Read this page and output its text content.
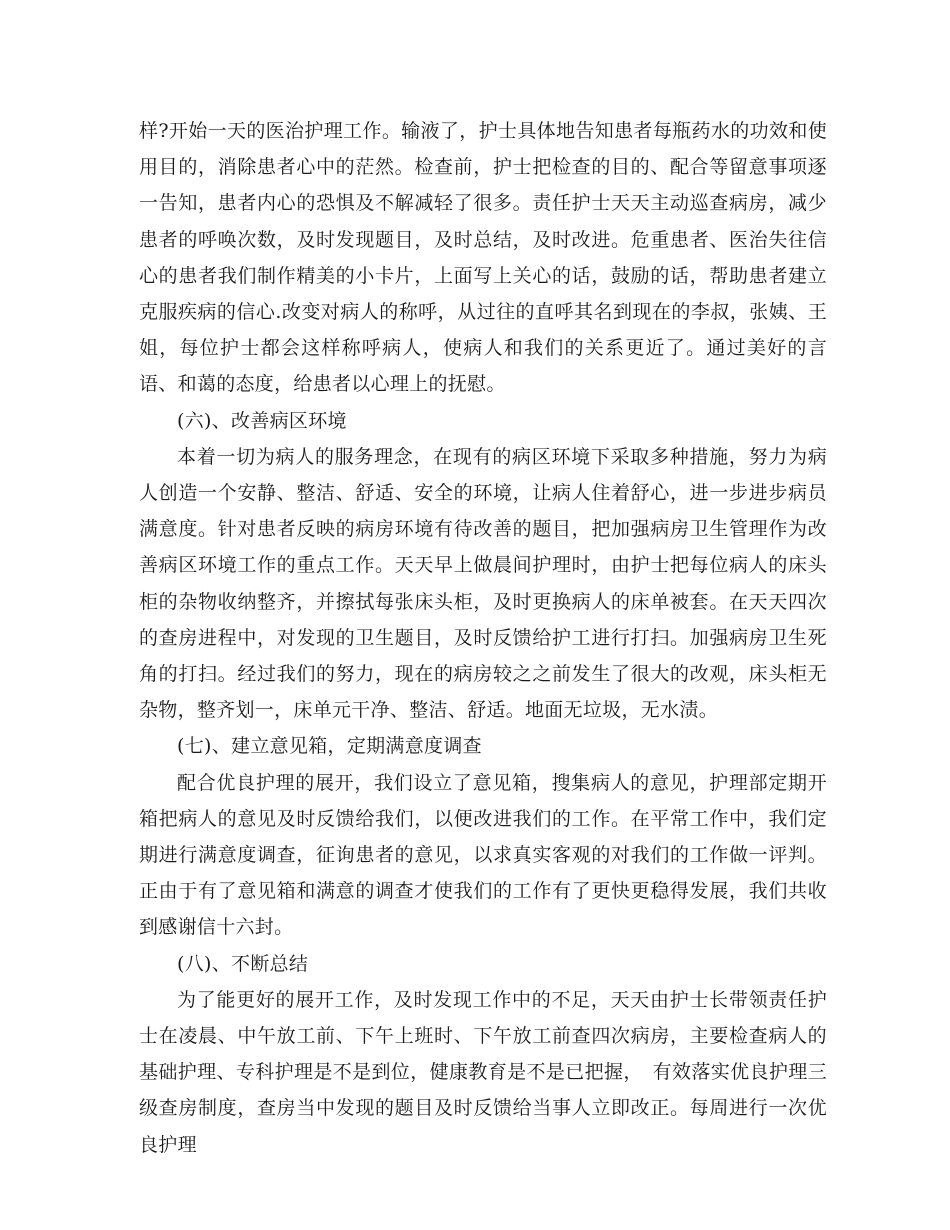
样?开始一天的医治护理工作。输液了，护士具体地告知患者每瓶药水的功效和使用目的，消除患者心中的茫然。检查前，护士把检查的目的、配合等留意事项逐一告知，患者内心的恐惧及不解减轻了很多。责任护士天天主动巡查病房，减少患者的呼唤次数，及时发现题目，及时总结，及时改进。危重患者、医治失往信心的患者我们制作精美的小卡片，上面写上关心的话，鼓励的话，帮助患者建立克服疾病的信心.改变对病人的称呼，从过往的直呼其名到现在的李叔，张姨、王姐，每位护士都会这样称呼病人，使病人和我们的关系更近了。通过美好的言语、和蔼的态度，给患者以心理上的抚慰。

(六)、改善病区环境

本着一切为病人的服务理念，在现有的病区环境下采取多种措施，努力为病人创造一个安静、整洁、舒适、安全的环境，让病人住着舒心，进一步进步病员满意度。针对患者反映的病房环境有待改善的题目，把加强病房卫生管理作为改善病区环境工作的重点工作。天天早上做晨间护理时，由护士把每位病人的床头柜的杂物收纳整齐，并擦拭每张床头柜，及时更换病人的床单被套。在天天四次的查房进程中，对发现的卫生题目，及时反馈给护工进行打扫。加强病房卫生死角的打扫。经过我们的努力，现在的病房较之之前发生了很大的改观，床头柜无杂物，整齐划一，床单元干净、整洁、舒适。地面无垃圾，无水渍。

(七)、建立意见箱，定期满意度调查

配合优良护理的展开，我们设立了意见箱，搜集病人的意见，护理部定期开箱把病人的意见及时反馈给我们，以便改进我们的工作。在平常工作中，我们定期进行满意度调查，征询患者的意见，以求真实客观的对我们的工作做一评判。正由于有了意见箱和满意的调查才使我们的工作有了更快更稳得发展，我们共收到感谢信十六封。

(八)、不断总结

为了能更好的展开工作，及时发现工作中的不足，天天由护士长带领责任护士在凌晨、中午放工前、下午上班时、下午放工前查四次病房，主要检查病人的基础护理、专科护理是不是到位，健康教育是不是已把握，　有效落实优良护理三级查房制度，查房当中发现的题目及时反馈给当事人立即改正。每周进行一次优良护理
